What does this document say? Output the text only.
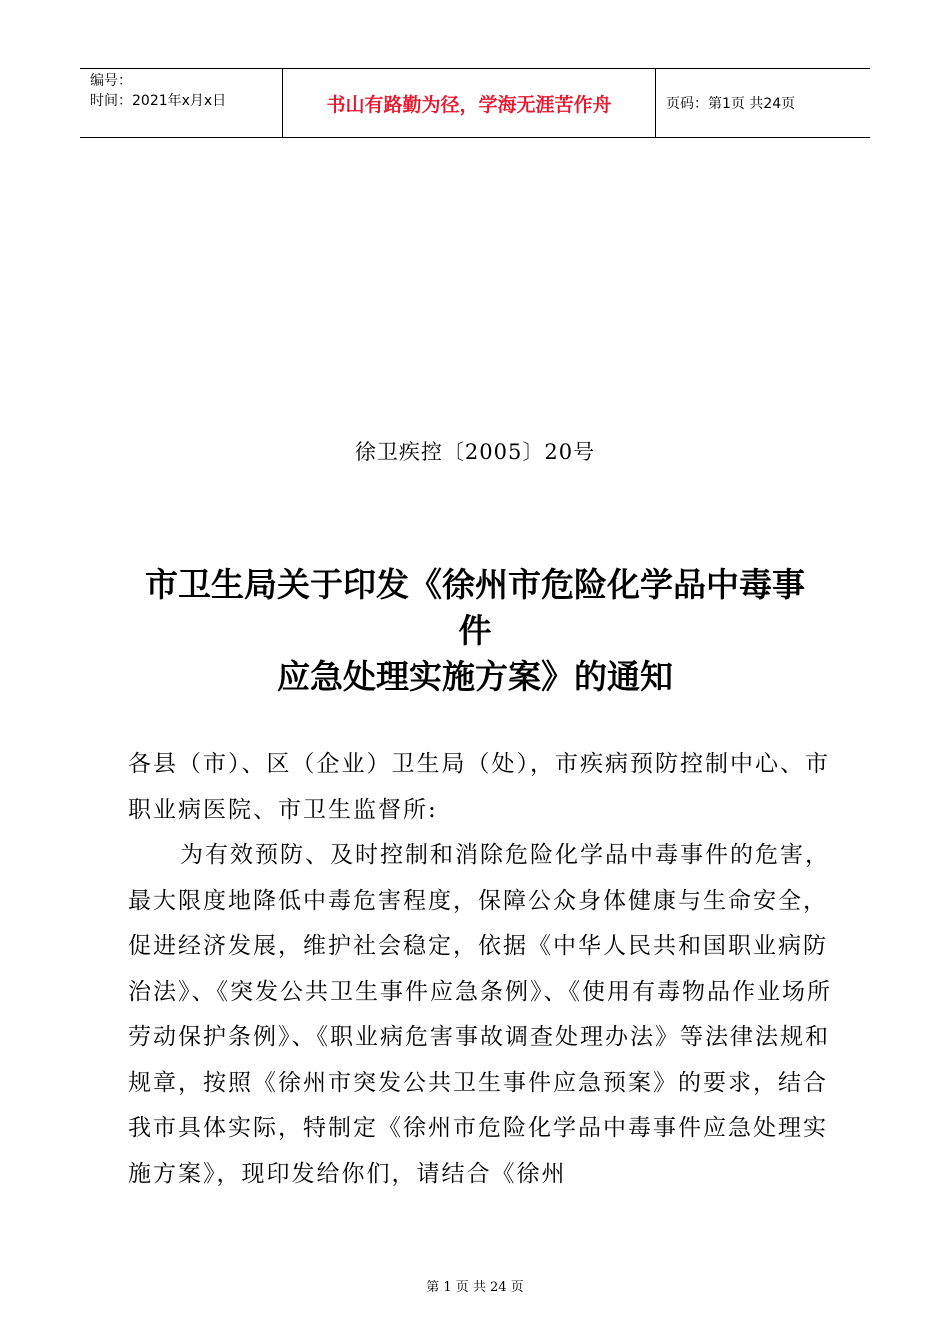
编号：
时间：2021年x月x日	书山有路勤为径，学海无涯苦作舟	页码：第1页 共24页
徐卫疾控〔2005〕20号
市卫生局关于印发《徐州市危险化学品中毒事
件
应急处理实施方案》的通知

各县（市）、区（企业）卫生局（处），市疾病预防控制中心、市职业病医院、市卫生监督所:

为有效预防、及时控制和消除危险化学品中毒事件的危害，最大限度地降低中毒危害程度，保障公众身体健康与生命安全，促进经济发展，维护社会稳定，依据《中华人民共和国职业病防治法》、《突发公共卫生事件应急条例》、《使用有毒物品作业场所劳动保护条例》、《职业病危害事故调查处理办法》等法律法规和规章，按照《徐州市突发公共卫生事件应急预案》的要求，结合我市具体实际，特制定《徐州市危险化学品中毒事件应急处理实施方案》，现印发给你们，请结合《徐州

第 1 页 共 24 页
